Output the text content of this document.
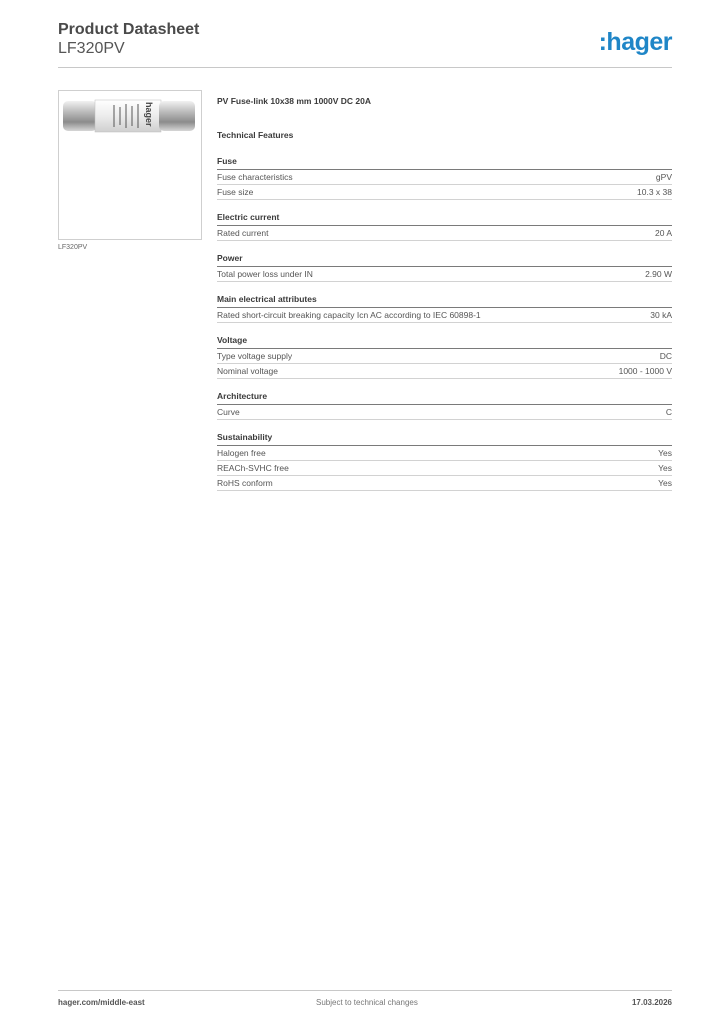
Product Datasheet
LF320PV	:hager
hager
LF320PV
PV Fuse-link 10x38 mm 1000V DC 20A
Technical Features
Fuse
Fuse characteristics	gPV
Fuse size	10.3 x 38
Electric current
Rated current	20 A
Power
Total power loss under IN	2.90 W
Main electrical attributes
Rated short-circuit breaking capacity Icn AC according to IEC 60898-1	30 kA
Voltage
Type voltage supply	DC
Nominal voltage	1000 - 1000 V
Architecture
Curve	C
Sustainability
Halogen free	Yes
REACh-SVHC free	Yes
RoHS conform	Yes
hager.com/middle-east	Subject to technical changes	17.03.2026
